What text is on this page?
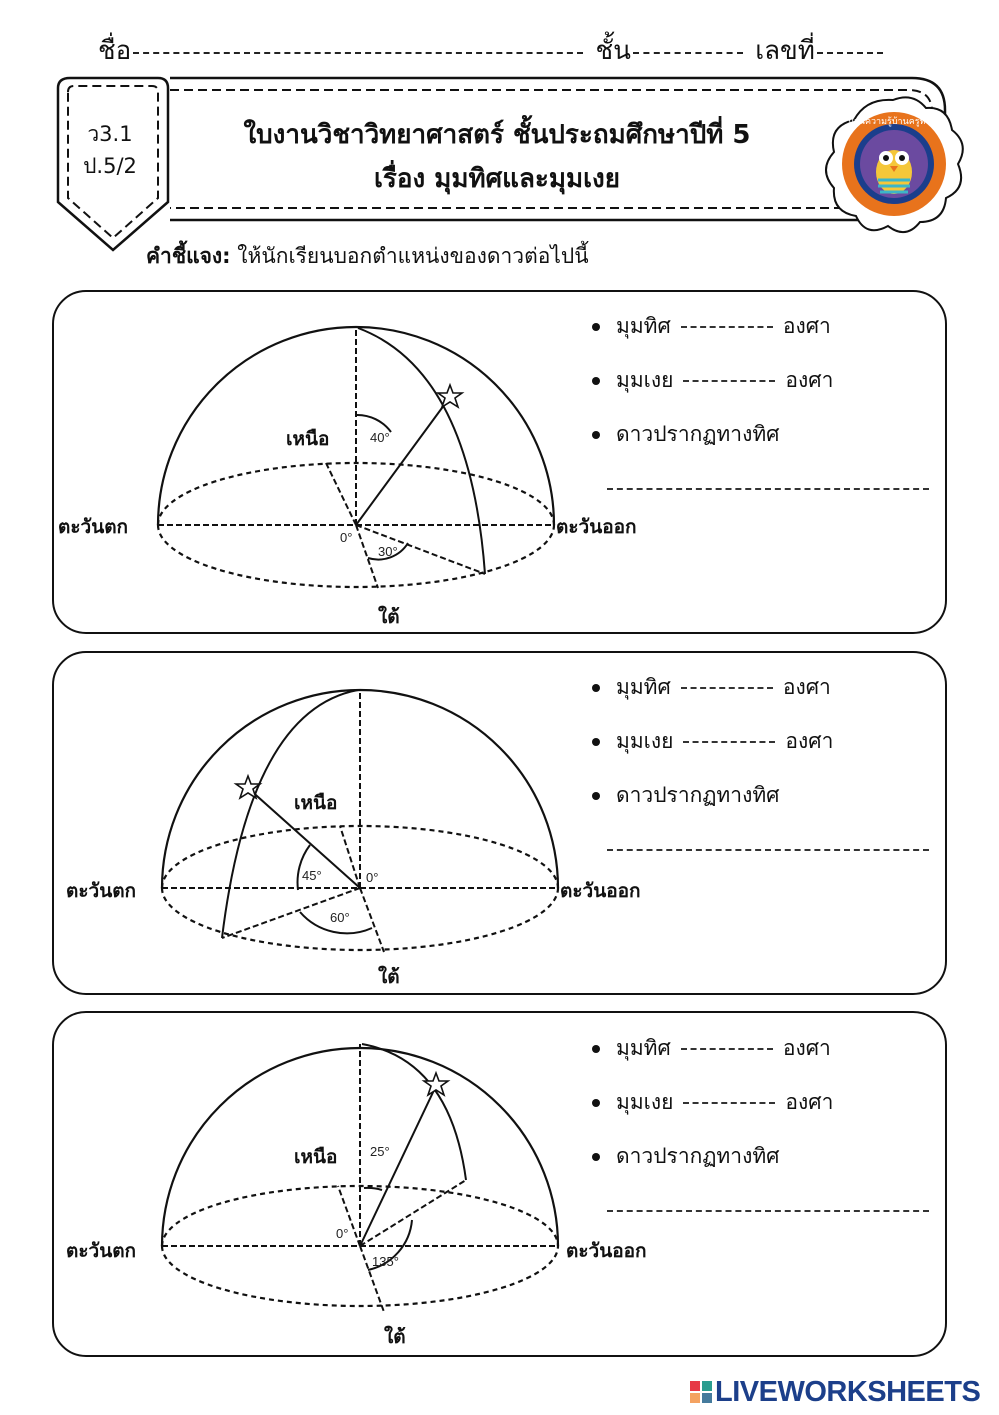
ชื่อ	ชั้น	เลขที่
ว3.1
ป.5/2
ใบงานวิชาวิทยาศาสตร์ ชั้นประถมศึกษาปีที่ 5
เรื่อง มุมทิศและมุมเงย
บ้านความรู้บ้านครูท่าไร
คำชี้แจง: ให้นักเรียนบอกตำแหน่งของดาวต่อไปนี้
40°
30°
0°
เหนือ
ตะวันตก	ตะวันออก
ใต้
มุมทิศ	องศา
มุมเงย	องศา
ดาวปรากฏทางทิศ
45°
60°
0°
เหนือ
ตะวันตก	ตะวันออก
ใต้
มุมทิศ	องศา
มุมเงย	องศา
ดาวปรากฏทางทิศ
25°
135°
0°
เหนือ
ตะวันตก	ตะวันออก
ใต้
มุมทิศ	องศา
มุมเงย	องศา
ดาวปรากฏทางทิศ
LIVEWORKSHEETS
